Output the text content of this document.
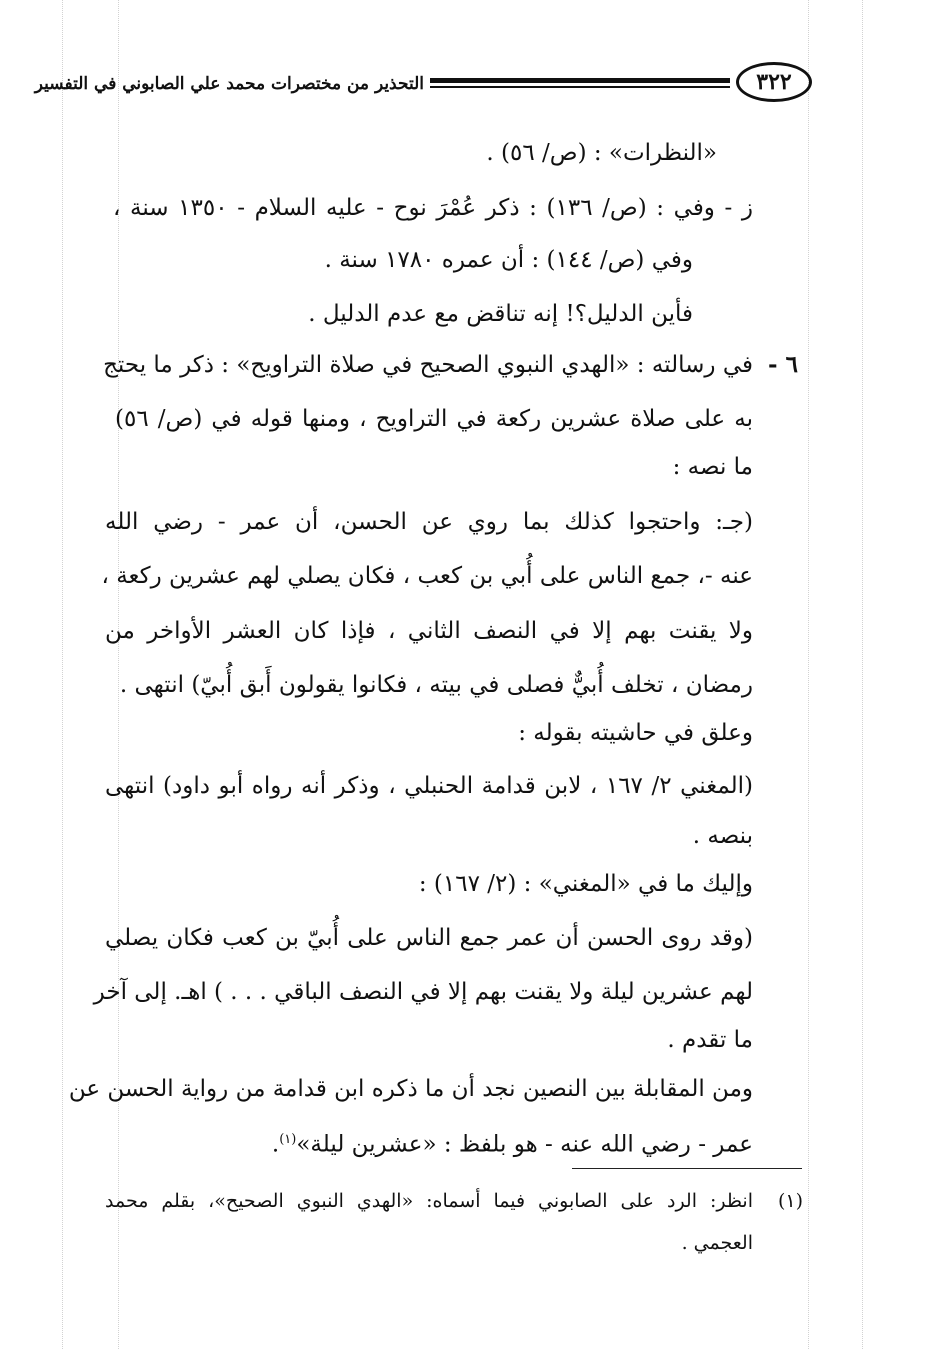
٣٢٢
التحذير من مختصرات محمد علي الصابوني في التفسير
«النظرات» : (ص/ ٥٦) .
ز - وفي : (ص/ ١٣٦) : ذكر عُمْرَ نوح - عليه السلام - ١٣٥٠ سنة ،
وفي (ص/ ١٤٤) : أن عمره ١٧٨٠ سنة .
فأين الدليل؟! إنه تناقض مع عدم الدليل .
٦ -
في رسالته : «الهدي النبوي الصحيح في صلاة التراويح» : ذكر ما يحتج
به على صلاة عشرين ركعة في التراويح ، ومنها قوله في (ص/ ٥٦)
ما نصه :
(جـ: واحتجوا كذلك بما روي عن الحسن، أن عمر - رضي الله
عنه -، جمع الناس على أُبي بن كعب ، فكان يصلي لهم عشرين ركعة ،
ولا يقنت بهم إلا في النصف الثاني ، فإذا كان العشر الأواخر من
رمضان ، تخلف أُبيٌّ فصلى في بيته ، فكانوا يقولون أَبق أُبيّ) انتهى .
وعلق في حاشيته بقوله :
(المغني ٢/ ١٦٧ ، لابن قدامة الحنبلي ، وذكر أنه رواه أبو داود) انتهى
بنصه .
وإليك ما في «المغني» : (٢/ ١٦٧) :
(وقد روى الحسن أن عمر جمع الناس على أُبيّ بن كعب فكان يصلي
لهم عشرين ليلة ولا يقنت بهم إلا في النصف الباقي . . . ) اهـ. إلى آخر
ما تقدم .
ومن المقابلة بين النصين نجد أن ما ذكره ابن قدامة من رواية الحسن عن
عمر - رضي الله عنه - هو بلفظ : «عشرين ليلة»$^{(١)}$.
(١)
انظر: الرد على الصابوني فيما أسماه: «الهدي النبوي الصحيح»، بقلم محمد
العجمي .
